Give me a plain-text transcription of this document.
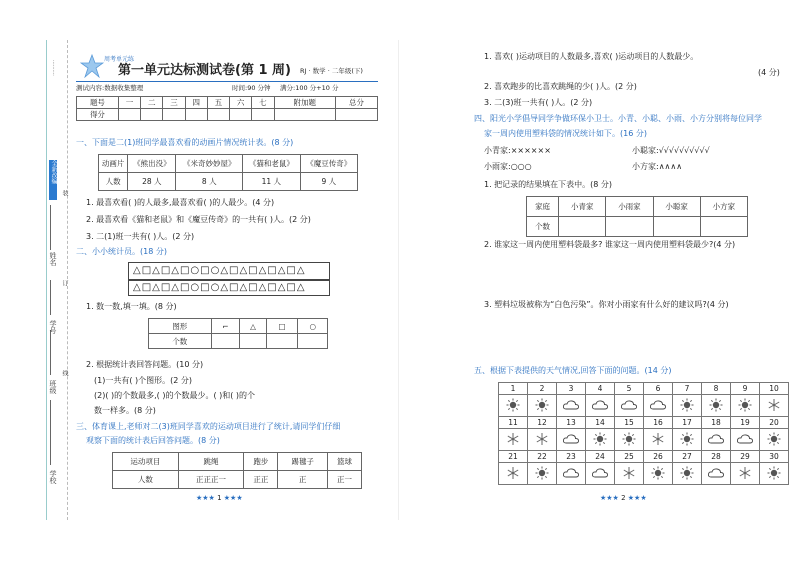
全新改编
··········
学校
班级
学号
姓名
装
订
线
周考单元练
第一单元达标测试卷(第 1 周) RJ · 数学 · 二年级(下)
测试内容:数据收集整理	时间:90 分钟 满分:100 分+10 分
题号	一	二	三	四	五	六	七	附加题	总分
得分									
一、下面是二(1)班同学最喜欢看的动画片情况统计表。(8 分)
动画片	《熊出没》	《米奇妙妙屋》	《猫和老鼠》	《魔豆传奇》
人数	28 人	8 人	11 人	9 人
1. 最喜欢看( )的人最多,最喜欢看( )的人最少。(4 分)
2. 最喜欢看《猫和老鼠》和《魔豆传奇》的一共有( )人。(2 分)
3. 二(1)班一共有( )人。(2 分)
二、小小统计员。(18 分)
△□△□△□○□○△□△□△□△□△
△□△□△□○□○△□△□△□△□△
1. 数一数,填一填。(8 分)
图形	⌐	△	□	○
个数				
2. 根据统计表回答问题。(10 分)
(1)一共有( )个图形。(2 分)
(2)( )的个数最多,( )的个数最少。( )和( )的个
数一样多。(8 分)
三、体育课上,老师对二(3)班同学喜欢的运动项目进行了统计,请同学们仔细
观察下面的统计表后回答问题。(8 分)
运动项目	跳绳	跑步	踢毽子	篮球
人数	正正正一	正正	正	正一
★★★ 1 ★★★
1. 喜欢( )运动项目的人数最多,喜欢( )运动项目的人数最少。
(4 分)
2. 喜欢跑步的比喜欢跳绳的少( )人。(2 分)
3. 二(3)班一共有( )人。(2 分)
四、阳光小学倡导同学争做环保小卫士。小青、小聪、小雨、小方分别将每位同学
家一周内使用塑料袋的情况统计如下。(16 分)
小青家:××××××	小聪家:√√√√√√√√√√
小雨家:○○○	小方家:∧∧∧∧
1. 把记录的结果填在下表中。(8 分)
家庭	小青家	小雨家	小聪家	小方家
个数				
2. 谁家这一周内使用塑料袋最多? 谁家这一周内使用塑料袋最少?(4 分)
3. 塑料垃圾被称为“白色污染”。你对小雨家有什么好的建议吗?(4 分)
五、根据下表提供的天气情况,回答下面的问题。(14 分)
1	2	3	4	5	6	7	8	9	10

11	12	13	14	15	16	17	18	19	20

21	22	23	24	25	26	27	28	29	30

★★★ 2 ★★★
